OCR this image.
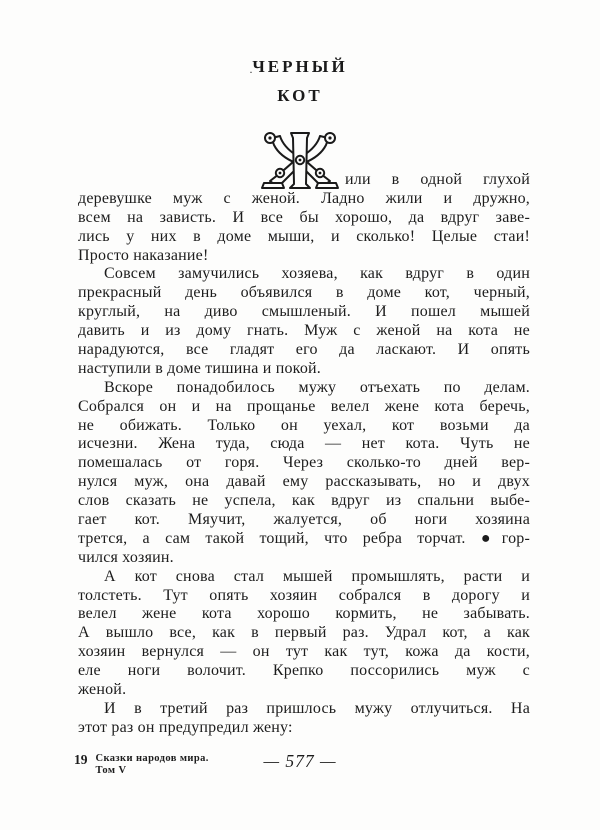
· ЧЕРНЫЙ
КОТ
или в одной глухой
деревушке муж с женой. Ладно жили и дружно,
всем на зависть. И все бы хорошо, да вдруг заве-
лись у них в доме мыши, и сколько! Целые стаи!
Просто наказание!
Совсем замучились хозяева, как вдруг в один
прекрасный день объявился в доме кот, черный,
круглый, на диво смышленый. И пошел мышей
давить и из дому гнать. Муж с женой на кота не
нарадуются, все гладят его да ласкают. И опять
наступили в доме тишина и покой.
Вскоре понадобилось мужу отъехать по делам.
Собрался он и на прощанье велел жене кота беречь,
не обижать. Только он уехал, кот возьми да
исчезни. Жена туда, сюда — нет кота. Чуть не
помешалась от горя. Через сколько-то дней вер-
нулся муж, она давай ему рассказывать, но и двух
слов сказать не успела, как вдруг из спальни выбе-
гает кот. Мяучит, жалуется, об ноги хозяина
трется, а сам такой тощий, что ребра торчат. ●гор-
чился хозяин.
А кот снова стал мышей промышлять, расти и
толстеть. Тут опять хозяин собрался в дорогу и
велел жене кота хорошо кормить, не забывать.
А вышло все, как в первый раз. Удрал кот, а как
хозяин вернулся — он тут как тут, кожа да кости,
еле ноги волочит. Крепко поссорились муж с
женой.
И в третий раз пришлось мужу отлучиться. На
этот раз он предупредил жену:
19 Сказки народов мира.
Том V	— 577 —
